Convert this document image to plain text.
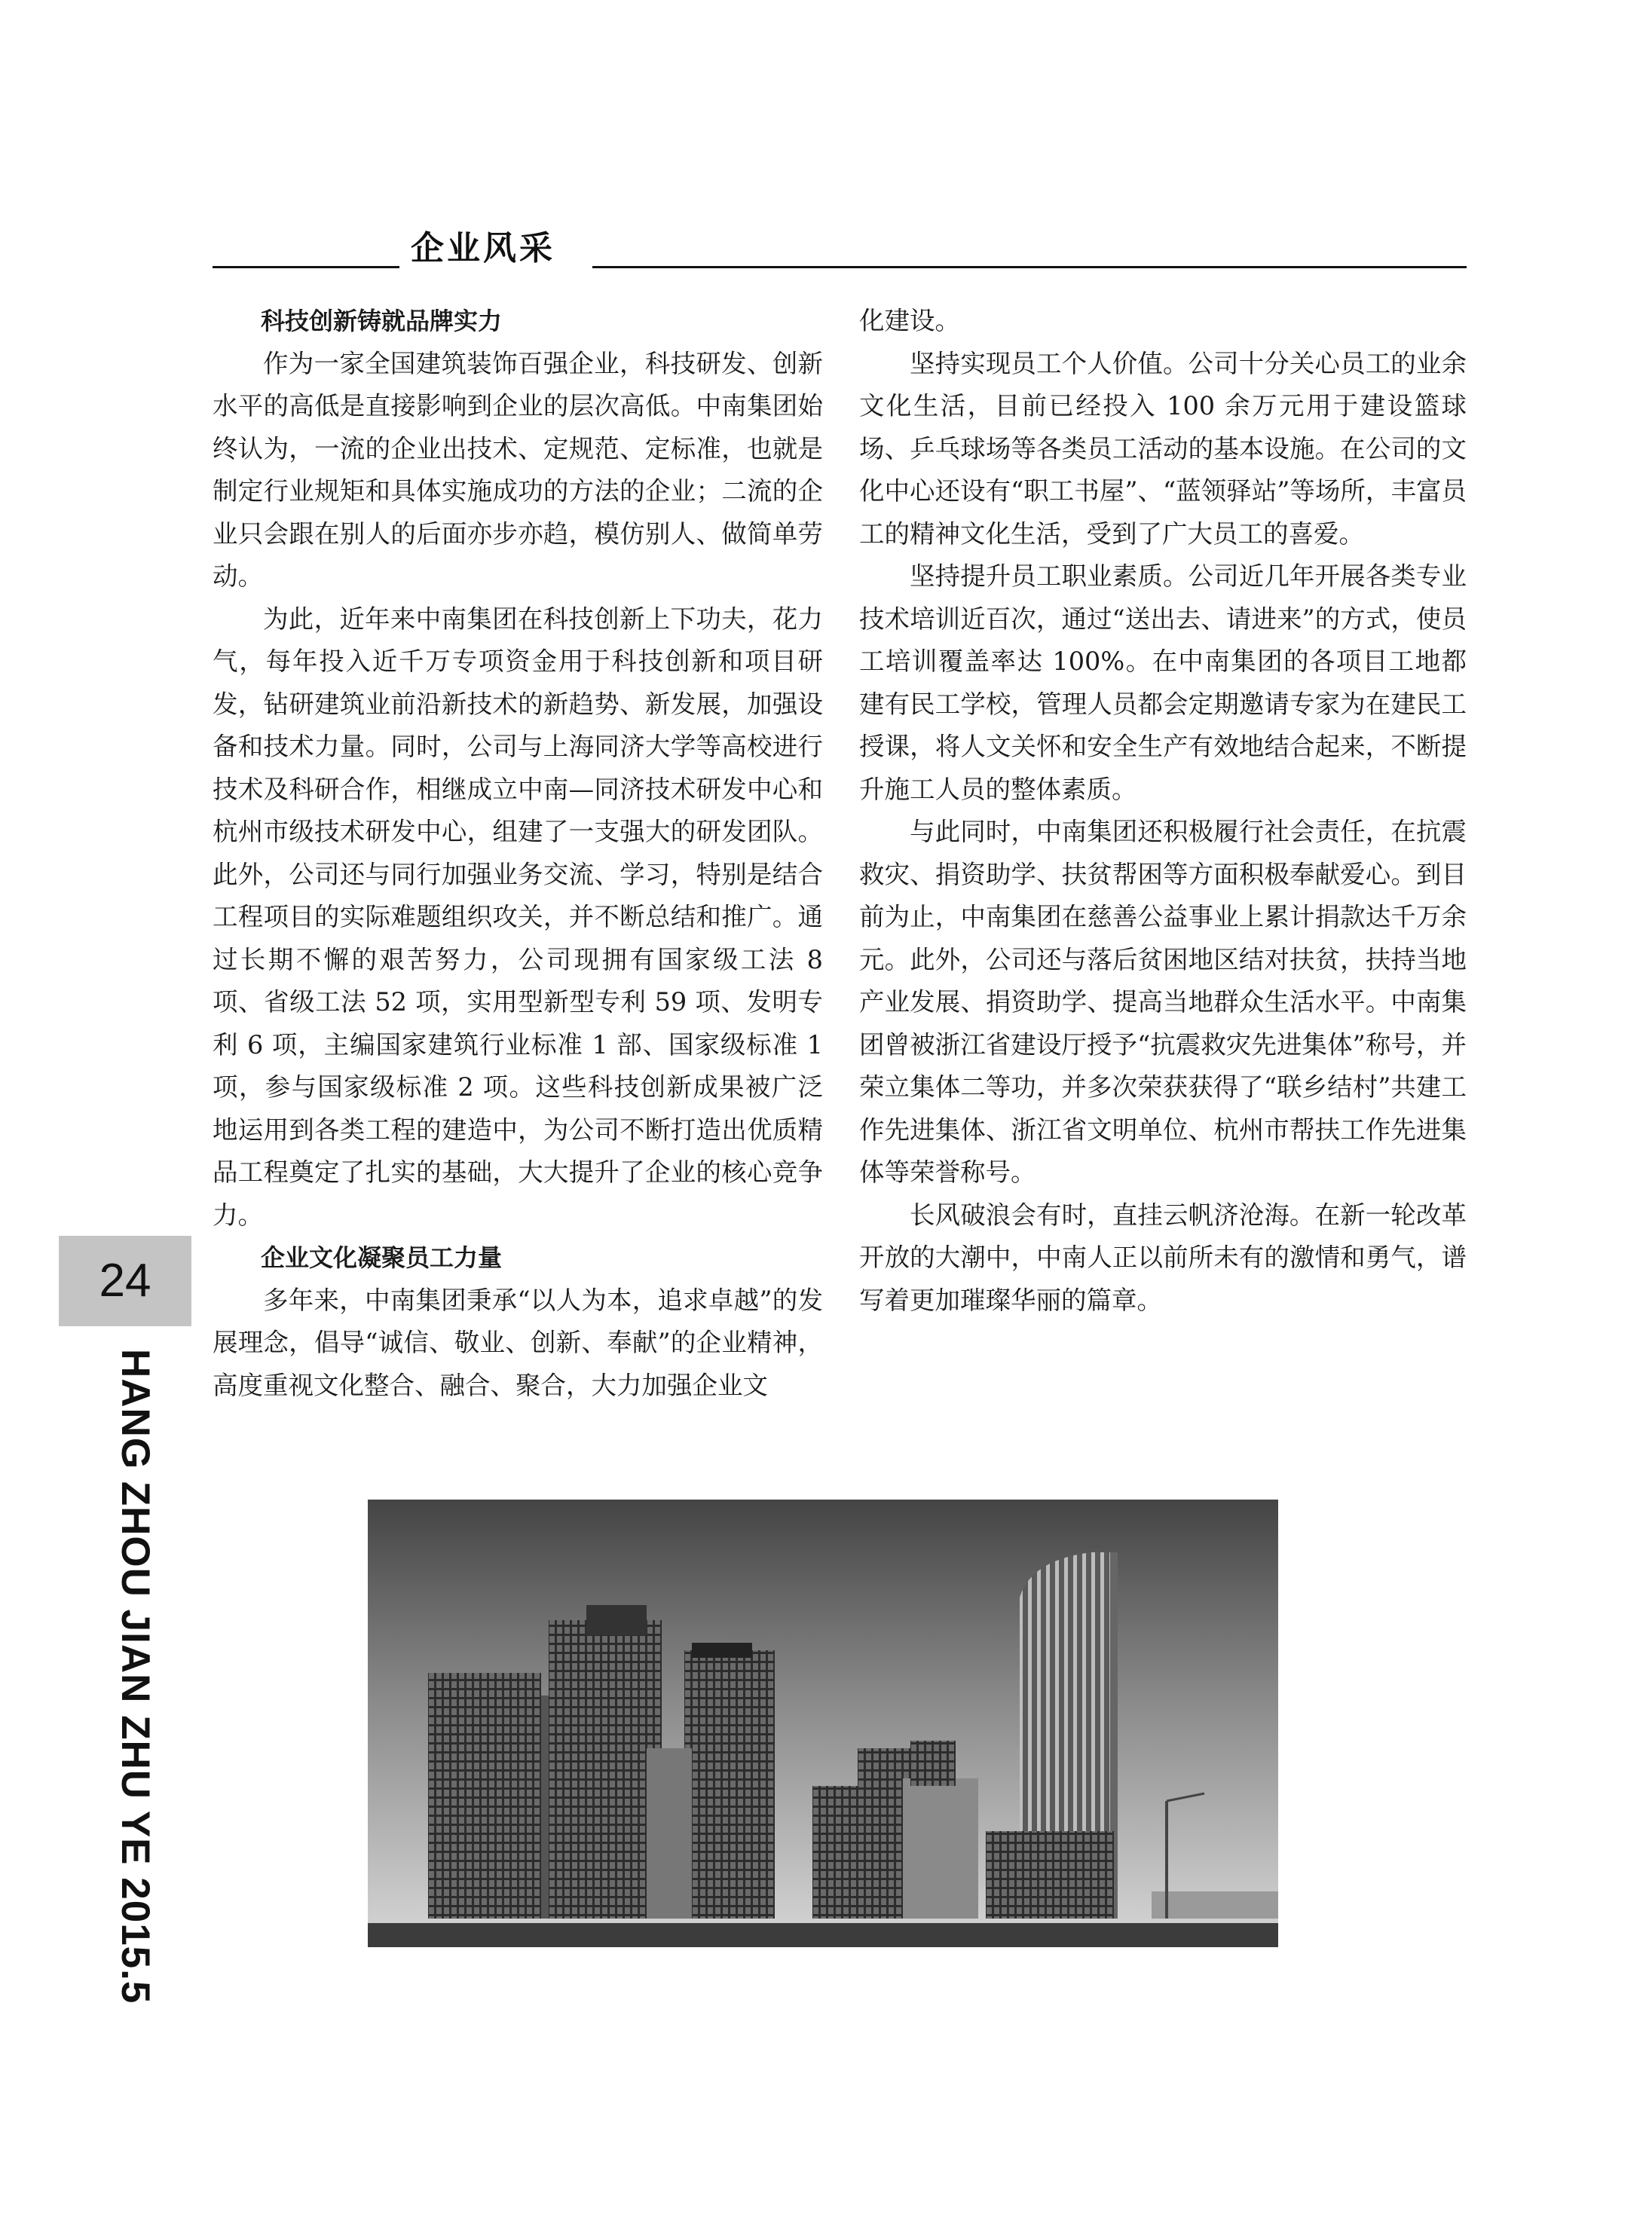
企业风采
科技创新铸就品牌实力

作为一家全国建筑装饰百强企业，科技研发、创新水平的高低是直接影响到企业的层次高低。中南集团始终认为，一流的企业出技术、定规范、定标准，也就是制定行业规矩和具体实施成功的方法的企业；二流的企业只会跟在别人的后面亦步亦趋，模仿别人、做简单劳动。

为此，近年来中南集团在科技创新上下功夫，花力气，每年投入近千万专项资金用于科技创新和项目研发，钻研建筑业前沿新技术的新趋势、新发展，加强设备和技术力量。同时，公司与上海同济大学等高校进行技术及科研合作，相继成立中南—同济技术研发中心和杭州市级技术研发中心，组建了一支强大的研发团队。此外，公司还与同行加强业务交流、学习，特别是结合工程项目的实际难题组织攻关，并不断总结和推广。通过长期不懈的艰苦努力，公司现拥有国家级工法 8 项、省级工法 52 项，实用型新型专利 59 项、发明专利 6 项，主编国家建筑行业标准 1 部、国家级标准 1 项，参与国家级标准 2 项。这些科技创新成果被广泛地运用到各类工程的建造中，为公司不断打造出优质精品工程奠定了扎实的基础，大大提升了企业的核心竞争力。

企业文化凝聚员工力量

多年来，中南集团秉承“以人为本，追求卓越”的发展理念，倡导“诚信、敬业、创新、奉献”的企业精神，高度重视文化整合、融合、聚合，大力加强企业文

化建设。

坚持实现员工个人价值。公司十分关心员工的业余文化生活，目前已经投入 100 余万元用于建设篮球场、乒乓球场等各类员工活动的基本设施。在公司的文化中心还设有“职工书屋”、“蓝领驿站”等场所，丰富员工的精神文化生活，受到了广大员工的喜爱。

坚持提升员工职业素质。公司近几年开展各类专业技术培训近百次，通过“送出去、请进来”的方式，使员工培训覆盖率达 100%。在中南集团的各项目工地都建有民工学校，管理人员都会定期邀请专家为在建民工授课，将人文关怀和安全生产有效地结合起来，不断提升施工人员的整体素质。

与此同时，中南集团还积极履行社会责任，在抗震救灾、捐资助学、扶贫帮困等方面积极奉献爱心。到目前为止，中南集团在慈善公益事业上累计捐款达千万余元。此外，公司还与落后贫困地区结对扶贫，扶持当地产业发展、捐资助学、提高当地群众生活水平。中南集团曾被浙江省建设厅授予“抗震救灾先进集体”称号，并荣立集体二等功，并多次荣获获得了“联乡结村”共建工作先进集体、浙江省文明单位、杭州市帮扶工作先进集体等荣誉称号。

长风破浪会有时，直挂云帆济沧海。在新一轮改革开放的大潮中，中南人正以前所未有的激情和勇气，谱写着更加璀璨华丽的篇章。

24
HANG ZHOU JIAN ZHU YE 2015.5
